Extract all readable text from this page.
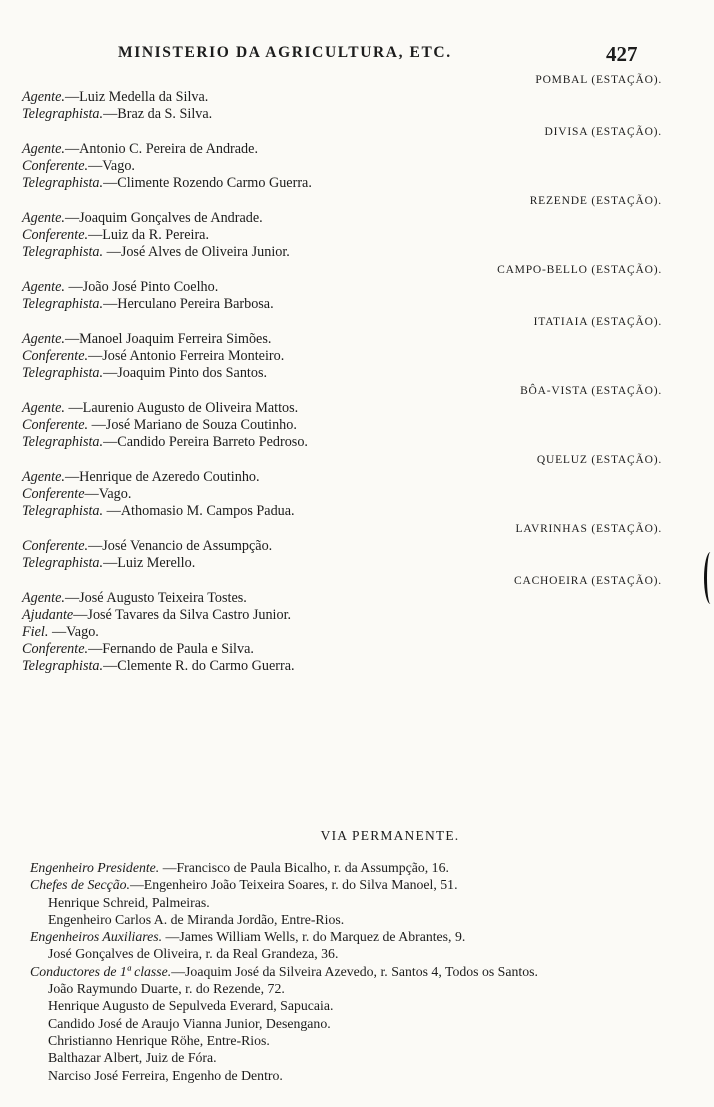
MINISTERIO DA AGRICULTURA, ETC.	427
POMBAL (ESTAÇÃO).
Agente.—Luiz Medella da Silva.
Telegraphista.—Braz da S. Silva.
DIVISA (ESTAÇÃO).
Agente.—Antonio C. Pereira de Andrade.
Conferente.—Vago.
Telegraphista.—Climente Rozendo Carmo Guerra.
REZENDE (ESTAÇÃO).
Agente.—Joaquim Gonçalves de Andrade.
Conferente.—Luiz da R. Pereira.
Telegraphista. —José Alves de Oliveira Junior.
CAMPO-BELLO (ESTAÇÃO).
Agente. —João José Pinto Coelho.
Telegraphista.—Herculano Pereira Barbosa.
ITATIAIA (ESTAÇÃO).
Agente.—Manoel Joaquim Ferreira Simões.
Conferente.—José Antonio Ferreira Monteiro.
Telegraphista.—Joaquim Pinto dos Santos.
BÔA-VISTA (ESTAÇÃO).
Agente. —Laurenio Augusto de Oliveira Mattos.
Conferente. —José Mariano de Souza Coutinho.
Telegraphista.—Candido Pereira Barreto Pedroso.
QUELUZ (ESTAÇÃO).
Agente.—Henrique de Azeredo Coutinho.
Conferente—Vago.
Telegraphista. —Athomasio M. Campos Padua.
LAVRINHAS (ESTAÇÃO).
Conferente.—José Venancio de Assumpção.
Telegraphista.—Luiz Merello.
CACHOEIRA (ESTAÇÃO).
Agente.—José Augusto Teixeira Tostes.
Ajudante—José Tavares da Silva Castro Junior.
Fiel. —Vago.
Conferente.—Fernando de Paula e Silva.
Telegraphista.—Clemente R. do Carmo Guerra.
VIA PERMANENTE.
Engenheiro Presidente. —Francisco de Paula Bicalho, r. da Assumpção, 16.
Chefes de Secção.—Engenheiro João Teixeira Soares, r. do Silva Manoel, 51.
Henrique Schreid, Palmeiras.
Engenheiro Carlos A. de Miranda Jordão, Entre-Rios.
Engenheiros Auxiliares. —James William Wells, r. do Marquez de Abrantes, 9.
José Gonçalves de Oliveira, r. da Real Grandeza, 36.
Conductores de 1ª classe.—Joaquim José da Silveira Azevedo, r. Santos 4, Todos os Santos.
João Raymundo Duarte, r. do Rezende, 72.
Henrique Augusto de Sepulveda Everard, Sapucaia.
Candido José de Araujo Vianna Junior, Desengano.
Christianno Henrique Röhe, Entre-Rios.
Balthazar Albert, Juiz de Fóra.
Narciso José Ferreira, Engenho de Dentro.
